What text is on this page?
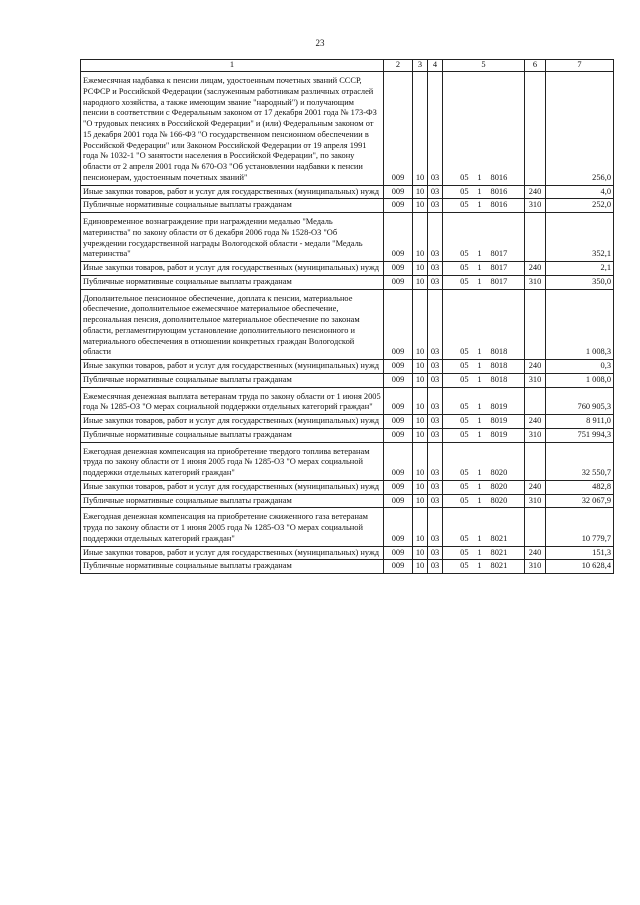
23
1	2	3	4	5			6	7
Ежемесячная надбавка к пенсии лицам, удостоенным почетных званий СССР, РСФСР и Российской Федерации (заслуженным работникам различных отраслей народного хозяйства, а также имеющим звание "народный") и получающим пенсии в соответствии с Федеральным законом от 17 декабря 2001 года № 173-ФЗ "О трудовых пенсиях в Российской Федерации" и (или) Федеральным законом от 15 декабря 2001 года № 166-ФЗ "О государственном пенсионном обеспечении в Российской Федерации" или Законом Российской Федерации от 19 апреля 1991 года № 1032-1 "О занятости населения в Российской Федерации", по закону области от 2 апреля 2001 года № 670-ОЗ "Об установлении надбавки к пенсии пенсионерам, удостоенным почетных званий"	009	10	03	05	1	8016		256,0
Иные закупки товаров, работ и услуг для государственных (муниципальных) нужд	009	10	03	05	1	8016	240	4,0
Публичные нормативные социальные выплаты гражданам	009	10	03	05	1	8016	310	252,0
Единовременное вознаграждение при награждении медалью "Медаль материнства" по закону области от 6 декабря 2006 года № 1528-ОЗ "Об учреждении государственной награды Вологодской области - медали "Медаль материнства"	009	10	03	05	1	8017		352,1
Иные закупки товаров, работ и услуг для государственных (муниципальных) нужд	009	10	03	05	1	8017	240	2,1
Публичные нормативные социальные выплаты гражданам	009	10	03	05	1	8017	310	350,0
Дополнительное пенсионное обеспечение, доплата к пенсии, материальное обеспечение, дополнительное ежемесячное материальное обеспечение, персональная пенсия, дополнительное материальное обеспечение по законам области, регламентирующим установление дополнительного пенсионного и материального обеспечения в отношении конкретных граждан Вологодской области	009	10	03	05	1	8018		1 008,3
Иные закупки товаров, работ и услуг для государственных (муниципальных) нужд	009	10	03	05	1	8018	240	0,3
Публичные нормативные социальные выплаты гражданам	009	10	03	05	1	8018	310	1 008,0
Ежемесячная денежная выплата ветеранам труда по закону области от 1 июня 2005 года № 1285-ОЗ "О мерах социальной поддержки отдельных категорий граждан"	009	10	03	05	1	8019		760 905,3
Иные закупки товаров, работ и услуг для государственных (муниципальных) нужд	009	10	03	05	1	8019	240	8 911,0
Публичные нормативные социальные выплаты гражданам	009	10	03	05	1	8019	310	751 994,3
Ежегодная денежная компенсация на приобретение твердого топлива ветеранам труда по закону области от 1 июня 2005 года № 1285-ОЗ "О мерах социальной поддержки отдельных категорий граждан"	009	10	03	05	1	8020		32 550,7
Иные закупки товаров, работ и услуг для государственных (муниципальных) нужд	009	10	03	05	1	8020	240	482,8
Публичные нормативные социальные выплаты гражданам	009	10	03	05	1	8020	310	32 067,9
Ежегодная денежная компенсация на приобретение сжиженного газа ветеранам труда по закону области от 1 июня 2005 года № 1285-ОЗ "О мерах социальной поддержки отдельных категорий граждан"	009	10	03	05	1	8021		10 779,7
Иные закупки товаров, работ и услуг для государственных (муниципальных) нужд	009	10	03	05	1	8021	240	151,3
Публичные нормативные социальные выплаты гражданам	009	10	03	05	1	8021	310	10 628,4
